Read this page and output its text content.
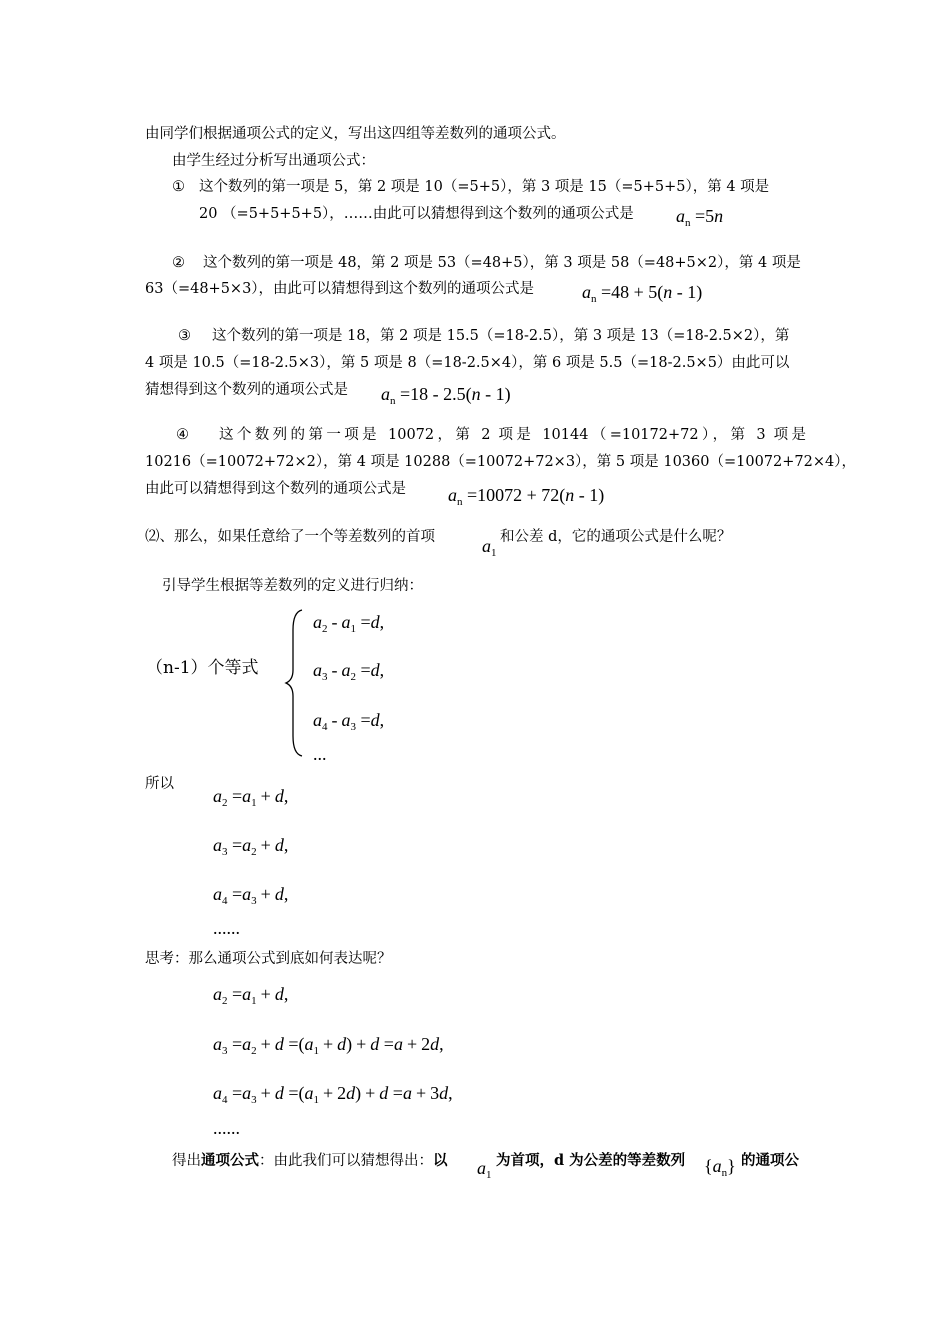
由同学们根据通项公式的定义，写出这四组等差数列的通项公式。
由学生经过分析写出通项公式：
① 这个数列的第一项是 5，第 2 项是 10（=5+5），第 3 项是 15（=5+5+5），第 4 项是
20 （=5+5+5+5），……由此可以猜想得到这个数列的通项公式是 $a_n =5n$
② 这个数列的第一项是 48，第 2 项是 53（=48+5），第 3 项是 58（=48+5×2），第 4 项是
63（=48+5×3），由此可以猜想得到这个数列的通项公式是	$a_n =48 + 5(n - 1)$
③ 这个数列的第一项是 18，第 2 项是 15.5（=18-2.5），第 3 项是 13（=18-2.5×2），第
4 项是 10.5（=18-2.5×3），第 5 项是 8（=18-2.5×4），第 6 项是 5.5（=18-2.5×5）由此可以
猜想得到这个数列的通项公式是 $a_n =18 - 2.5(n - 1)$
④ 这个数列的第一项是 10072，第 2 项是 10144（=10172+72），第 3 项是
10216（=10072+72×2），第 4 项是 10288（=10072+72×3），第 5 项是 10360（=10072+72×4），
由此可以猜想得到这个数列的通项公式是 $a_n =10072 + 72(n - 1)$
⑵、那么，如果任意给了一个等差数列的首项	$a_1$
和公差 d，它的通项公式是什么呢？
引导学生根据等差数列的定义进行归纳：
（n-1）个等式
$a_2 - a_1 =d$,
$a_3 - a_2 =d$,
$a_4 - a_3 =d$,
...
所以
$a_2 =a_1 + d$,
$a_3 =a_2 + d$,
$a_4 =a_3 + d$,
......
思考：那么通项公式到底如何表达呢？
$a_2 =a_1 + d$,
$a_3 =a_2 + d =(a_1 + d) + d =a + 2d$,
$a_4 =a_3 + d =(a_1 + 2d) + d =a + 3d$,
......
得出通项公式：由此我们可以猜想得出：以 $a_1$
为首项，d 为公差的等差数列 $\{a_n\}$ 的通项公
